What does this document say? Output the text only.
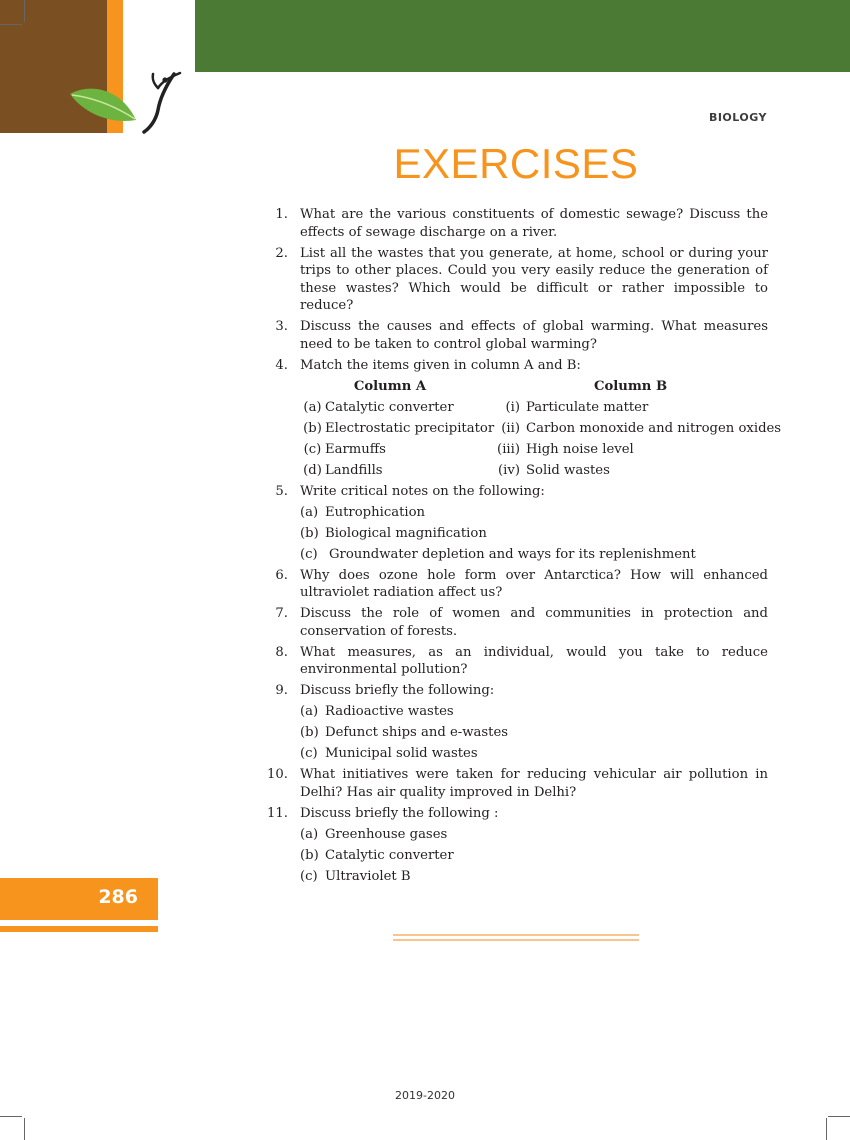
BIOLOGY
EXERCISES
1. What are the various constituents of domestic sewage? Discuss the effects of sewage discharge on a river.
2. List all the wastes that you generate, at home, school or during your trips to other places. Could you very easily reduce the generation of these wastes? Which would be difficult or rather impossible to reduce?
3. Discuss the causes and effects of global warming. What measures need to be taken to control global warming?
4. Match the items given in column A and B:
Column A	Column B
(a) Catalytic converter	(i) Particulate matter
(b) Electrostatic precipitator (ii) Carbon monoxide and nitrogen oxides
(c) Earmuffs	(iii) High noise level
(d) Landfills	(iv) Solid wastes
5. Write critical notes on the following:
(a) Eutrophication
(b) Biological magnification
(c) Groundwater depletion and ways for its replenishment
6. Why does ozone hole form over Antarctica? How will enhanced ultraviolet radiation affect us?
7. Discuss the role of women and communities in protection and conservation of forests.
8. What measures, as an individual, would you take to reduce environmental pollution?
9. Discuss briefly the following:
(a) Radioactive wastes
(b) Defunct ships and e-wastes
(c) Municipal solid wastes
10. What initiatives were taken for reducing vehicular air pollution in Delhi? Has air quality improved in Delhi?
11. Discuss briefly the following :
(a) Greenhouse gases
(b) Catalytic converter
(c) Ultraviolet B
286
2019-2020
